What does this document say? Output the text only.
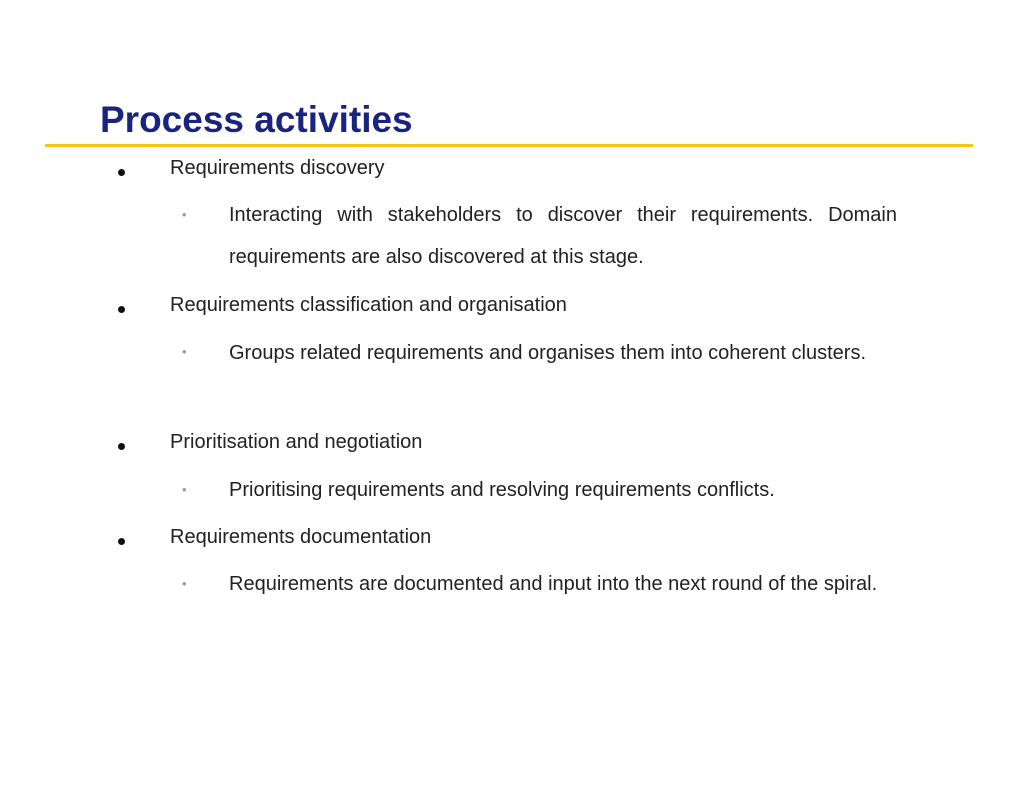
Process activities
Requirements discovery
• Interacting with stakeholders to discover their requirements. Domain requirements are also discovered at this stage.
Requirements classification and organisation
• Groups related requirements and organises them into coherent clusters.
Prioritisation and negotiation
• Prioritising requirements and resolving requirements conflicts.
Requirements documentation
• Requirements are documented and input into the next round of the spiral.
